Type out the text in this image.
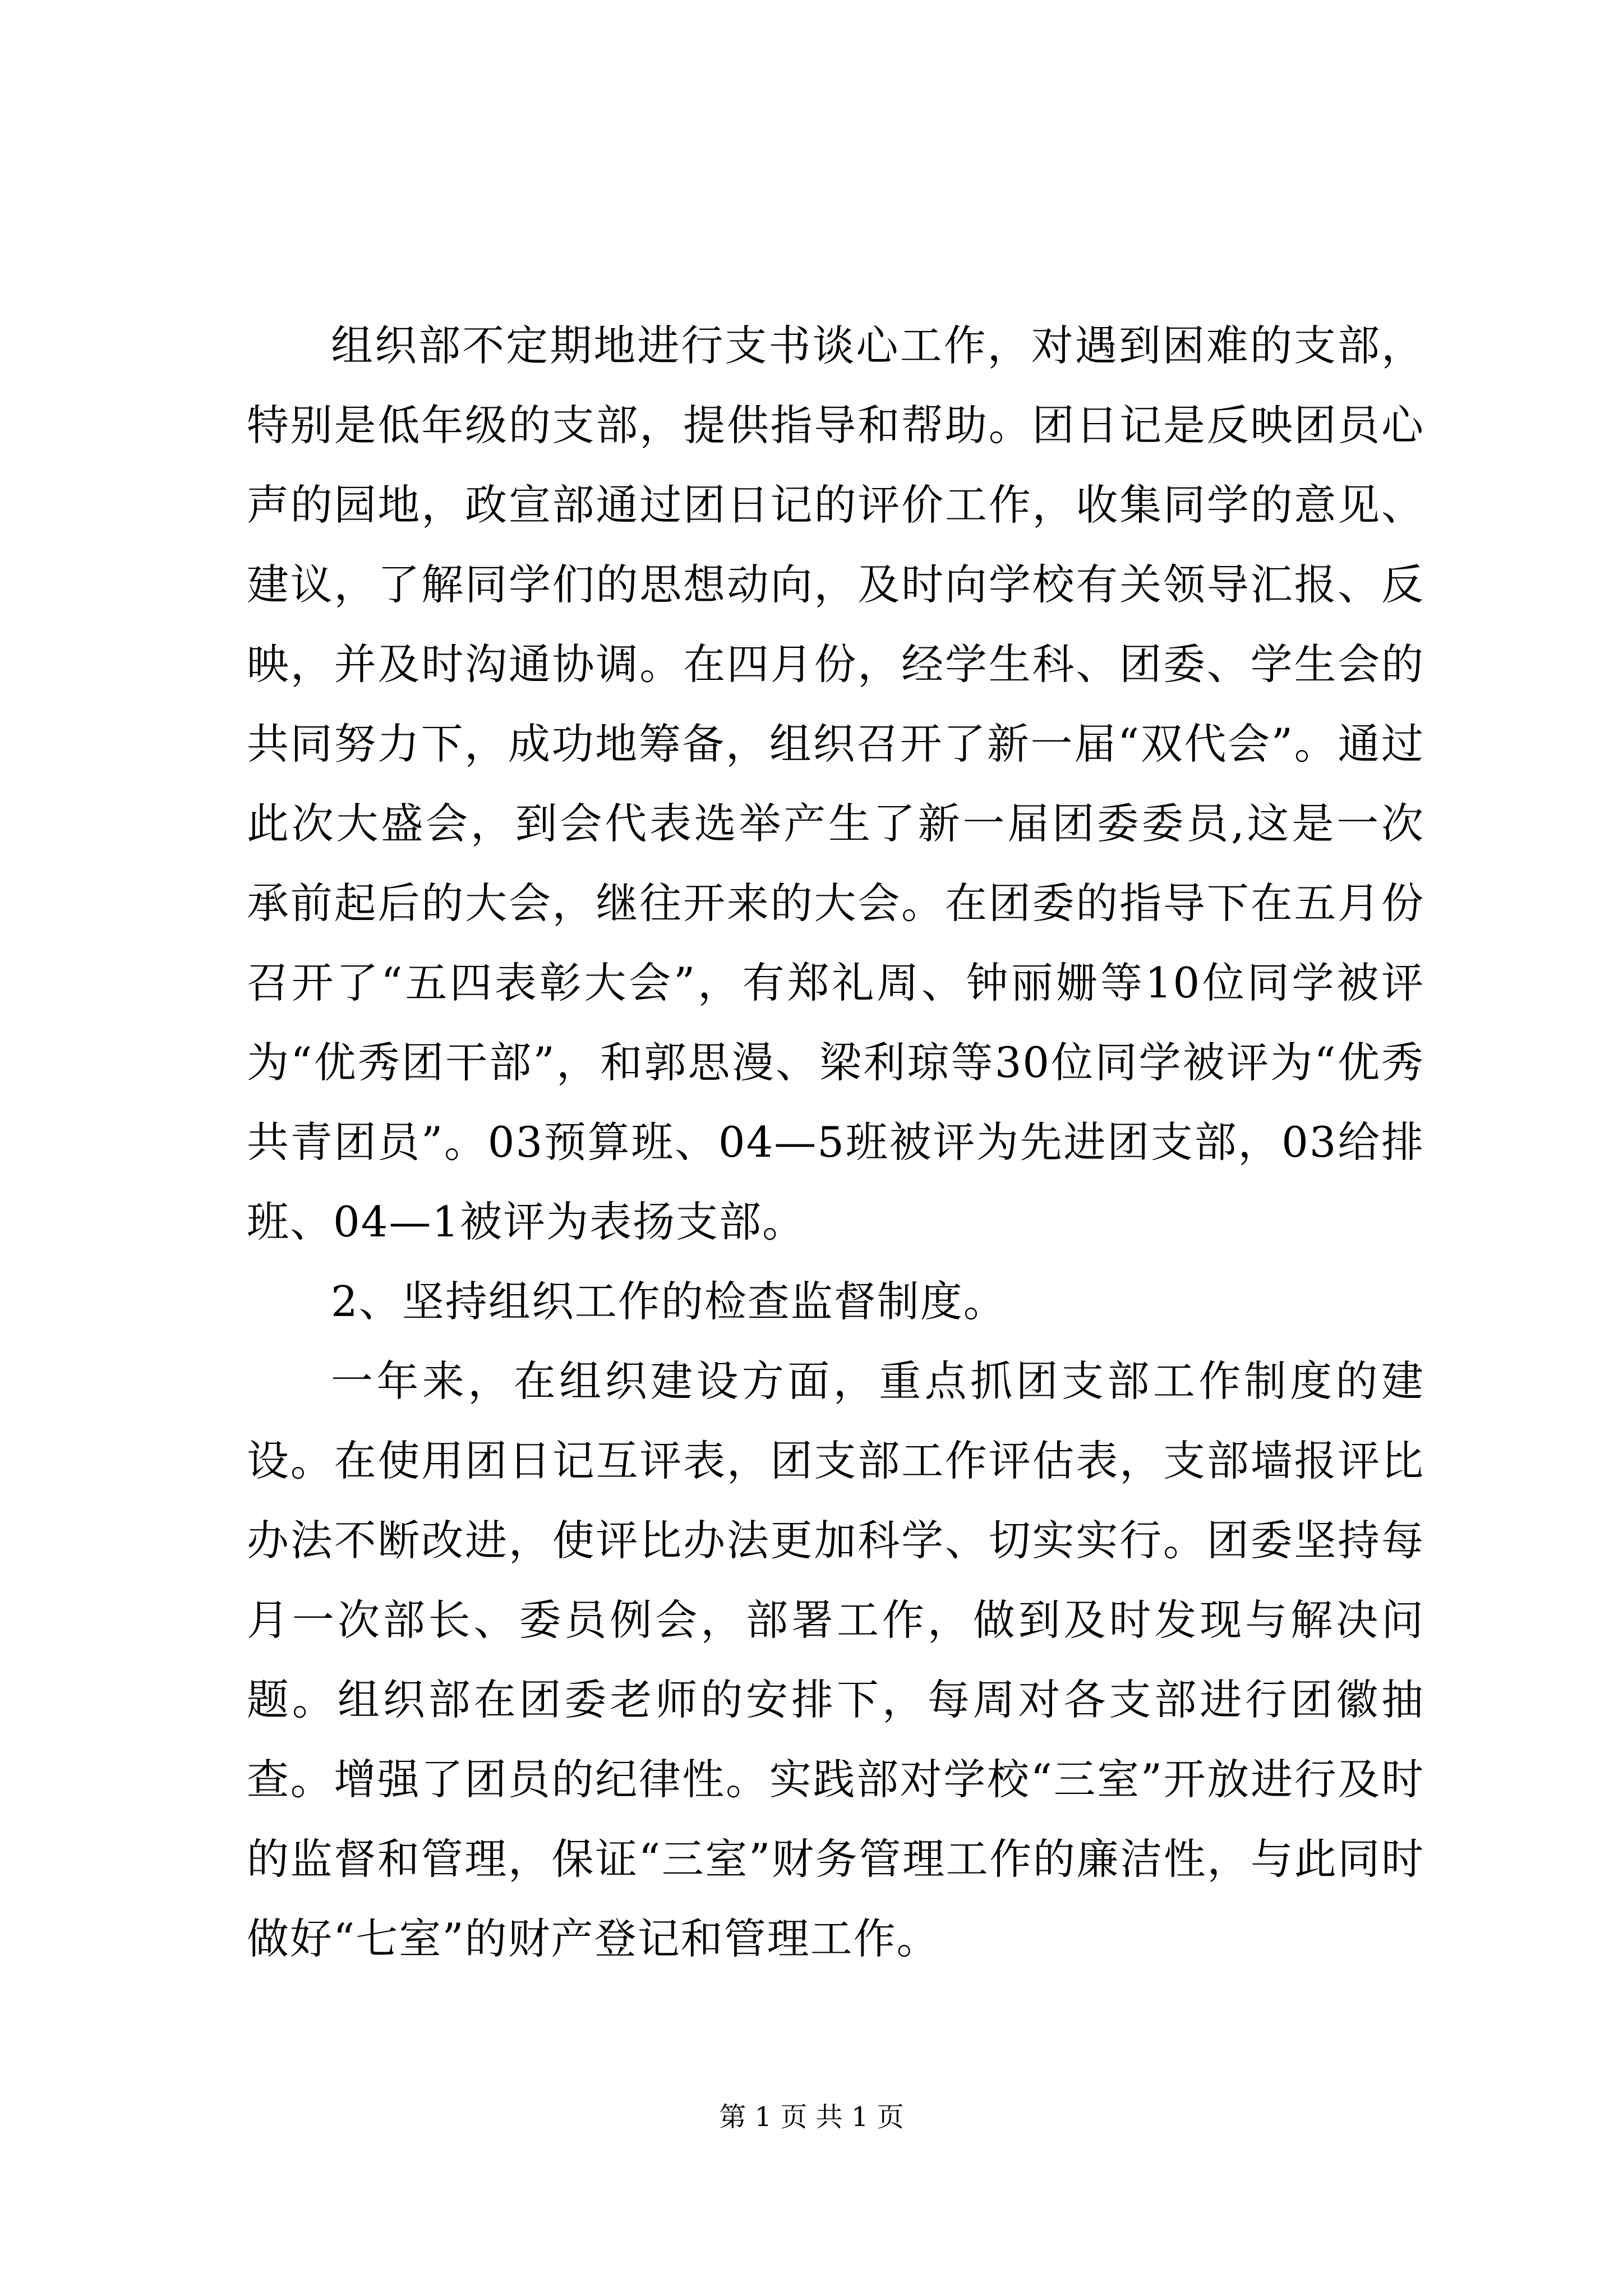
组织部不定期地进行支书谈心工作，对遇到困难的支部，特别是低年级的支部，提供指导和帮助。团日记是反映团员心声的园地，政宣部通过团日记的评价工作，收集同学的意见、建议，了解同学们的思想动向，及时向学校有关领导汇报、反映，并及时沟通协调。在四月份，经学生科、团委、学生会的共同努力下，成功地筹备，组织召开了新一届“双代会”。通过此次大盛会，到会代表选举产生了新一届团委委员,这是一次承前起后的大会，继往开来的大会。在团委的指导下在五月份召开了“五四表彰大会”，有郑礼周、钟丽姗等10位同学被评为“优秀团干部”，和郭思漫、梁利琼等30位同学被评为“优秀共青团员”。03预算班、04—5班被评为先进团支部，03给排班、04—1被评为表扬支部。

2、坚持组织工作的检查监督制度。

一年来，在组织建设方面，重点抓团支部工作制度的建设。在使用团日记互评表，团支部工作评估表，支部墙报评比办法不断改进，使评比办法更加科学、切实实行。团委坚持每月一次部长、委员例会，部署工作，做到及时发现与解决问题。组织部在团委老师的安排下，每周对各支部进行团徽抽查。增强了团员的纪律性。实践部对学校“三室”开放进行及时的监督和管理，保证“三室”财务管理工作的廉洁性，与此同时做好“七室”的财产登记和管理工作。

第 1 页 共 1 页
